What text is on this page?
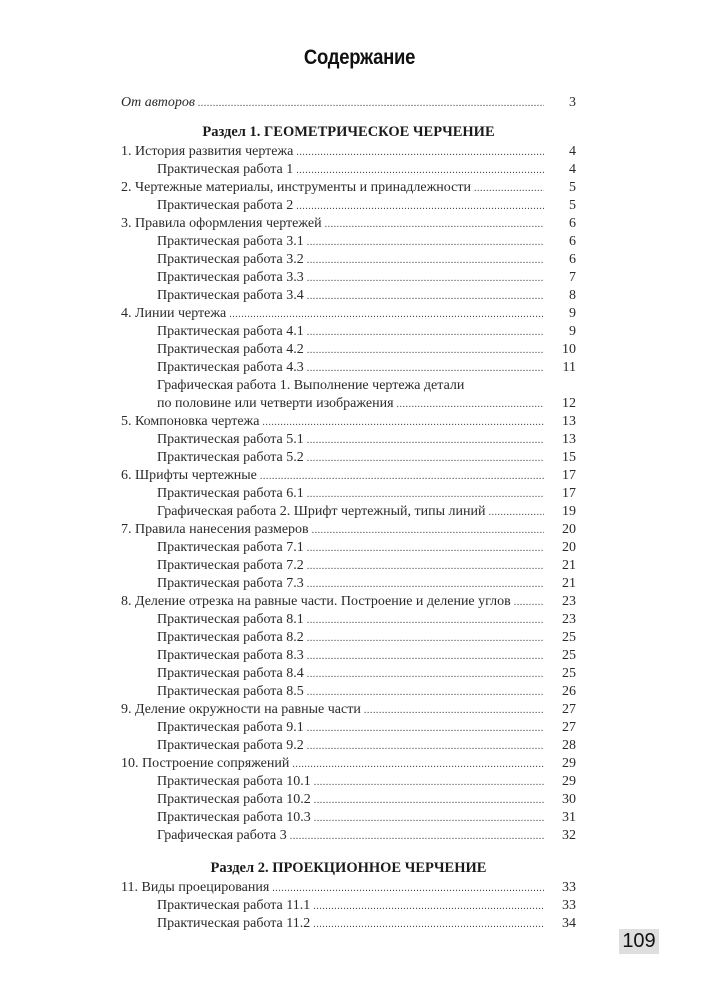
Содержание
От авторов .....	3
Раздел 1. ГЕОМЕТРИЧЕСКОЕ ЧЕРЧЕНИЕ
1. История развития чертежа .....	4
Практическая работа 1 .....	4
2. Чертежные материалы, инструменты и принадлежности .....	5
Практическая работа 2 .....	5
3. Правила оформления чертежей .....	6
Практическая работа 3.1 .....	6
Практическая работа 3.2 .....	6
Практическая работа 3.3 .....	7
Практическая работа 3.4 .....	8
4. Линии чертежа .....	9
Практическая работа 4.1 .....	9
Практическая работа 4.2 .....	10
Практическая работа 4.3 .....	11
Графическая работа 1. Выполнение чертежа детали
по половине или четверти изображения .....	12
5. Компоновка чертежа .....	13
Практическая работа 5.1 .....	13
Практическая работа 5.2 .....	15
6. Шрифты чертежные .....	17
Практическая работа 6.1 .....	17
Графическая работа 2. Шрифт чертежный, типы линий .....	19
7. Правила нанесения размеров .....	20
Практическая работа 7.1 .....	20
Практическая работа 7.2 .....	21
Практическая работа 7.3 .....	21
8. Деление отрезка на равные части. Построение и деление углов .....	23
Практическая работа 8.1 .....	23
Практическая работа 8.2 .....	25
Практическая работа 8.3 .....	25
Практическая работа 8.4 .....	25
Практическая работа 8.5 .....	26
9. Деление окружности на равные части .....	27
Практическая работа 9.1 .....	27
Практическая работа 9.2 .....	28
10. Построение сопряжений .....	29
Практическая работа 10.1 .....	29
Практическая работа 10.2 .....	30
Практическая работа 10.3 .....	31
Графическая работа 3 .....	32
Раздел 2. ПРОЕКЦИОННОЕ ЧЕРЧЕНИЕ
11. Виды проецирования .....	33
Практическая работа 11.1 .....	33
Практическая работа 11.2 .....	34
109
